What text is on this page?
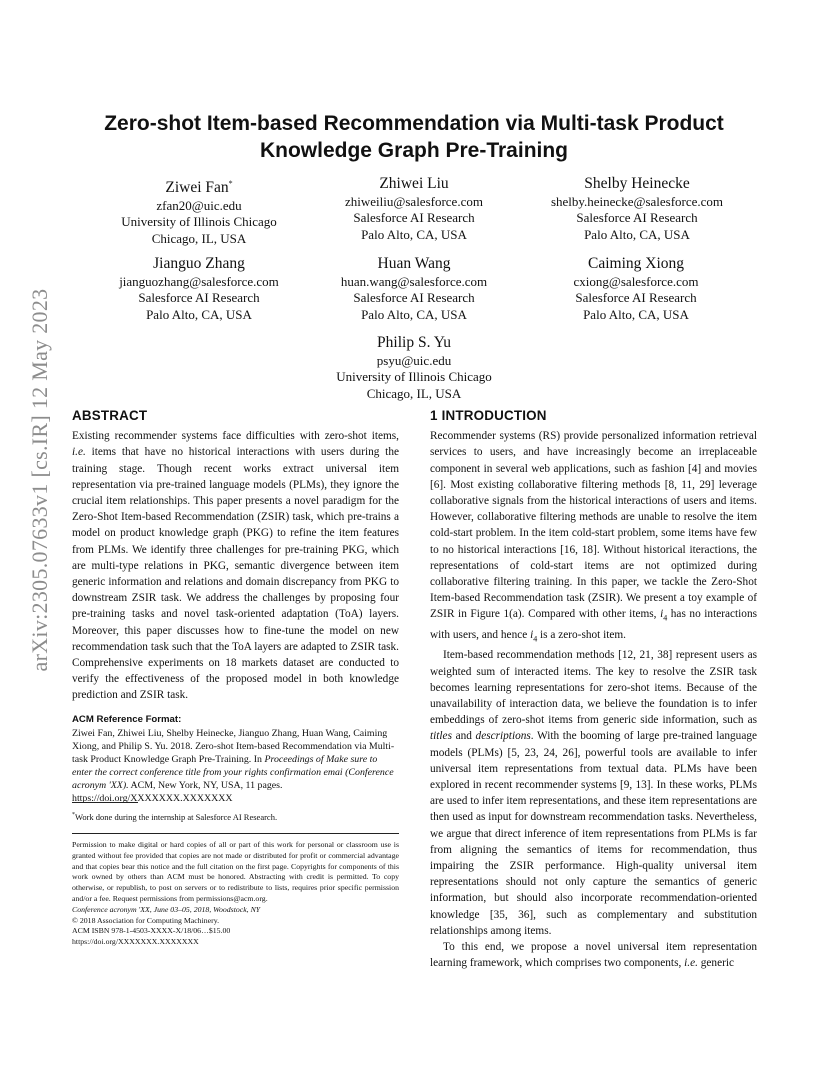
arXiv:2305.07633v1 [cs.IR] 12 May 2023
Zero-shot Item-based Recommendation via Multi-task Product
Knowledge Graph Pre-Training
Ziwei Fan*
zfan20@uic.edu
University of Illinois Chicago
Chicago, IL, USA
Zhiwei Liu
zhiweiliu@salesforce.com
Salesforce AI Research
Palo Alto, CA, USA
Shelby Heinecke
shelby.heinecke@salesforce.com
Salesforce AI Research
Palo Alto, CA, USA
Jianguo Zhang
jianguozhang@salesforce.com
Salesforce AI Research
Palo Alto, CA, USA
Huan Wang
huan.wang@salesforce.com
Salesforce AI Research
Palo Alto, CA, USA
Caiming Xiong
cxiong@salesforce.com
Salesforce AI Research
Palo Alto, CA, USA
Philip S. Yu
psyu@uic.edu
University of Illinois Chicago
Chicago, IL, USA
ABSTRACT

Existing recommender systems face difficulties with zero-shot items, i.e. items that have no historical interactions with users during the training stage. Though recent works extract universal item representation via pre-trained language models (PLMs), they ignore the crucial item relationships. This paper presents a novel paradigm for the Zero-Shot Item-based Recommendation (ZSIR) task, which pre-trains a model on product knowledge graph (PKG) to refine the item features from PLMs. We identify three challenges for pre-training PKG, which are multi-type relations in PKG, semantic divergence between item generic information and relations and domain discrepancy from PKG to downstream ZSIR task. We address the challenges by proposing four pre-training tasks and novel task-oriented adaptation (ToA) layers. Moreover, this paper discusses how to fine-tune the model on new recommendation task such that the ToA layers are adapted to ZSIR task. Comprehensive experiments on 18 markets dataset are conducted to verify the effectiveness of the proposed model in both knowledge prediction and ZSIR task.

ACM Reference Format:

Ziwei Fan, Zhiwei Liu, Shelby Heinecke, Jianguo Zhang, Huan Wang, Caiming Xiong, and Philip S. Yu. 2018. Zero-shot Item-based Recommendation via Multi-task Product Knowledge Graph Pre-Training. In Proceedings of Make sure to enter the correct conference title from your rights confirmation emai (Conference acronym 'XX). ACM, New York, NY, USA, 11 pages. https://doi.org/XXXXXXX.XXXXXXX

*Work done during the internship at Salesforce AI Research.

Permission to make digital or hard copies of all or part of this work for personal or classroom use is granted without fee provided that copies are not made or distributed for profit or commercial advantage and that copies bear this notice and the full citation on the first page. Copyrights for components of this work owned by others than ACM must be honored. Abstracting with credit is permitted. To copy otherwise, or republish, to post on servers or to redistribute to lists, requires prior specific permission and/or a fee. Request permissions from permissions@acm.org.

Conference acronym 'XX, June 03–05, 2018, Woodstock, NY

© 2018 Association for Computing Machinery.

ACM ISBN 978-1-4503-XXXX-X/18/06…$15.00

https://doi.org/XXXXXXX.XXXXXXX

1 INTRODUCTION

Recommender systems (RS) provide personalized information retrieval services to users, and have increasingly become an irreplaceable component in several web applications, such as fashion [4] and movies [6]. Most existing collaborative filtering methods [8, 11, 29] leverage collaborative signals from the historical interactions of users and items. However, collaborative filtering methods are unable to resolve the item cold-start problem. In the item cold-start problem, some items have few to no historical interactions [16, 18]. Without historical iteractions, the representations of cold-start items are not optimized during collaborative filtering training. In this paper, we tackle the Zero-Shot Item-based Recommendation task (ZSIR). We present a toy example of ZSIR in Figure 1(a). Compared with other items, $i_4$ has no interactions with users, and hence $i_4$ is a zero-shot item.

Item-based recommendation methods [12, 21, 38] represent users as weighted sum of interacted items. The key to resolve the ZSIR task becomes learning representations for zero-shot items. Because of the unavailability of interaction data, we believe the foundation is to infer embeddings of zero-shot items from generic side information, such as titles and descriptions. With the booming of large pre-trained language models (PLMs) [5, 23, 24, 26], powerful tools are available to infer universal item representations from textual data. PLMs have been explored in recent recommender systems [9, 13]. In these works, PLMs are used to infer item representations, and these item representations are then used as input for downstream recommendation tasks. Nevertheless, we argue that direct inference of item representations from PLMs is far from aligning the semantics of items for recommendation, thus impairing the ZSIR performance. High-quality universal item representations should not only capture the semantics of generic information, but should also incorporate recommendation-oriented knowledge [35, 36], such as complementary and substitution relationships among items.

To this end, we propose a novel universal item representation learning framework, which comprises two components, i.e. generic
